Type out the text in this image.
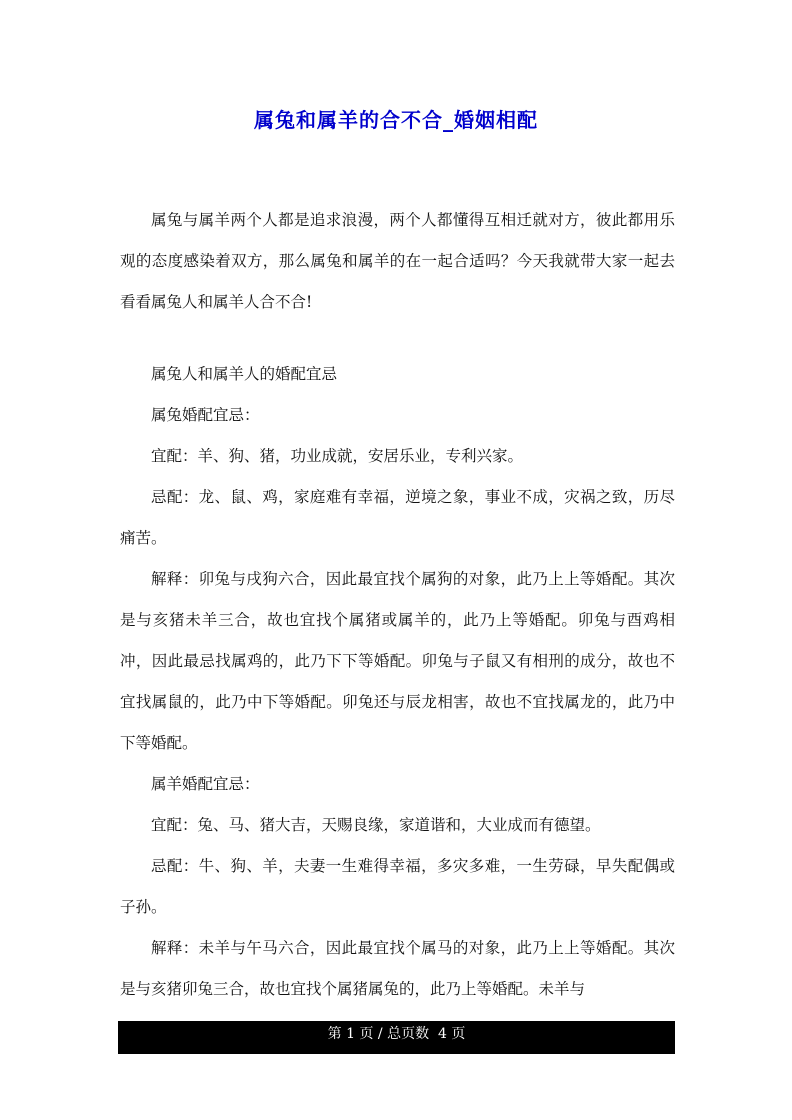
属兔和属羊的合不合_婚姻相配

属兔与属羊两个人都是追求浪漫，两个人都懂得互相迁就对方，彼此都用乐观的态度感染着双方，那么属兔和属羊的在一起合适吗？今天我就带大家一起去看看属兔人和属羊人合不合!

属兔人和属羊人的婚配宜忌

属兔婚配宜忌：

宜配：羊、狗、猪，功业成就，安居乐业，专利兴家。

忌配：龙、鼠、鸡，家庭难有幸福，逆境之象，事业不成，灾祸之致，历尽痛苦。

解释：卯兔与戌狗六合，因此最宜找个属狗的对象，此乃上上等婚配。其次是与亥猪未羊三合，故也宜找个属猪或属羊的，此乃上等婚配。卯兔与酉鸡相冲，因此最忌找属鸡的，此乃下下等婚配。卯兔与子鼠又有相刑的成分，故也不宜找属鼠的，此乃中下等婚配。卯兔还与辰龙相害，故也不宜找属龙的，此乃中下等婚配。

属羊婚配宜忌：

宜配：兔、马、猪大吉，天赐良缘，家道谐和，大业成而有德望。

忌配：牛、狗、羊，夫妻一生难得幸福，多灾多难，一生劳碌，早失配偶或子孙。

解释：未羊与午马六合，因此最宜找个属马的对象，此乃上上等婚配。其次是与亥猪卯兔三合，故也宜找个属猪属兔的，此乃上等婚配。未羊与

第 1 页 / 总页数  4 页
